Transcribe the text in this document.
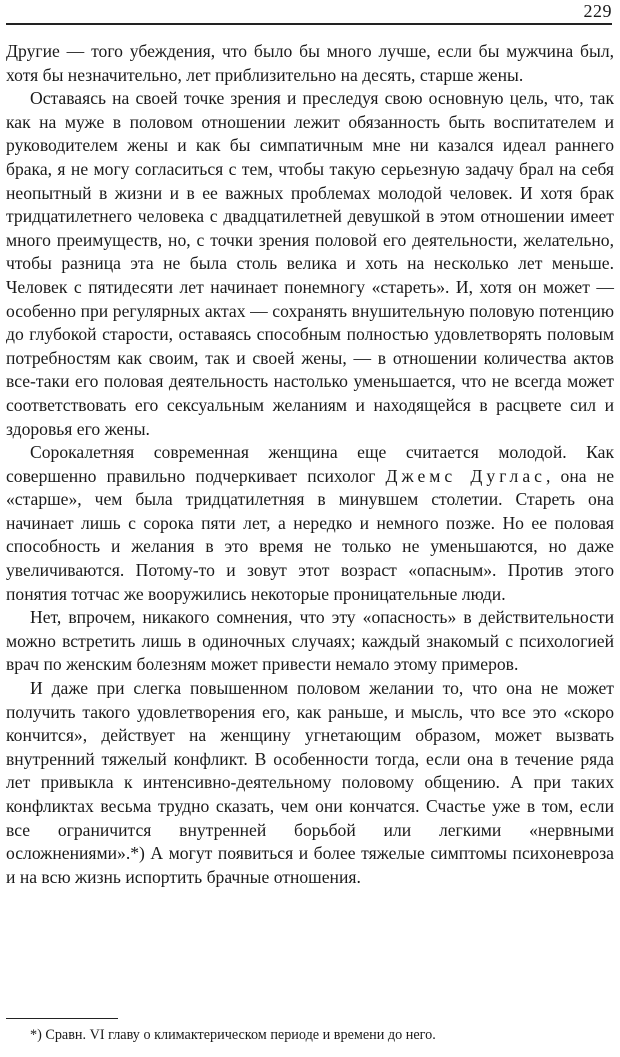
229

Другие — того убеждения, что было бы много лучше, если бы мужчина был, хотя бы незначительно, лет приблизительно на десять, старше жены.

Оставаясь на своей точке зрения и преследуя свою основную цель, что, так как на муже в половом отношении лежит обязанность быть воспитателем и руководителем жены и как бы симпатичным мне ни казался идеал раннего брака, я не могу согласиться с тем, чтобы такую серьезную задачу брал на себя неопытный в жизни и в ее важных проблемах молодой человек. И хотя брак тридцатилетнего человека с двадцатилетней девушкой в этом отношении имеет много преимуществ, но, с точки зрения половой его деятельности, желательно, чтобы разница эта не была столь велика и хоть на несколько лет меньше. Человек с пятидесяти лет начинает понемногу «стареть». И, хотя он может — особенно при регулярных актах — сохранять внушительную половую потенцию до глубокой старости, оставаясь способным полностью удовлетворять половым потребностям как своим, так и своей жены, — в отношении количества актов все-таки его половая деятельность настолько уменьшается, что не всегда может соответствовать его сексуальным желаниям и находящейся в расцвете сил и здоровья его жены.

Сорокалетняя современная женщина еще считается молодой. Как совершенно правильно подчеркивает психолог Джемс Дуглас, она не «старше», чем была тридцатилетняя в минувшем столетии. Стареть она начинает лишь с сорока пяти лет, а нередко и немного позже. Но ее половая способность и желания в это время не только не уменьшаются, но даже увеличиваются. Потому-то и зовут этот возраст «опасным». Против этого понятия тотчас же вооружились некоторые проницательные люди.

Нет, впрочем, никакого сомнения, что эту «опасность» в действительности можно встретить лишь в одиночных случаях; каждый знакомый с психологией врач по женским болезням может привести немало этому примеров.

И даже при слегка повышенном половом желании то, что она не может получить такого удовлетворения его, как раньше, и мысль, что все это «скоро кончится», действует на женщину угнетающим образом, может вызвать внутренний тяжелый конфликт. В особенности тогда, если она в течение ряда лет привыкла к интенсивно-деятельному половому общению. А при таких конфликтах весьма трудно сказать, чем они кончатся. Счастье уже в том, если все ограничится внутренней борьбой или легкими «нервными осложнениями».*) А могут появиться и более тяжелые симптомы психоневроза и на всю жизнь испортить брачные отношения.

*) Сравн. VI главу о климактерическом периоде и времени до него.
